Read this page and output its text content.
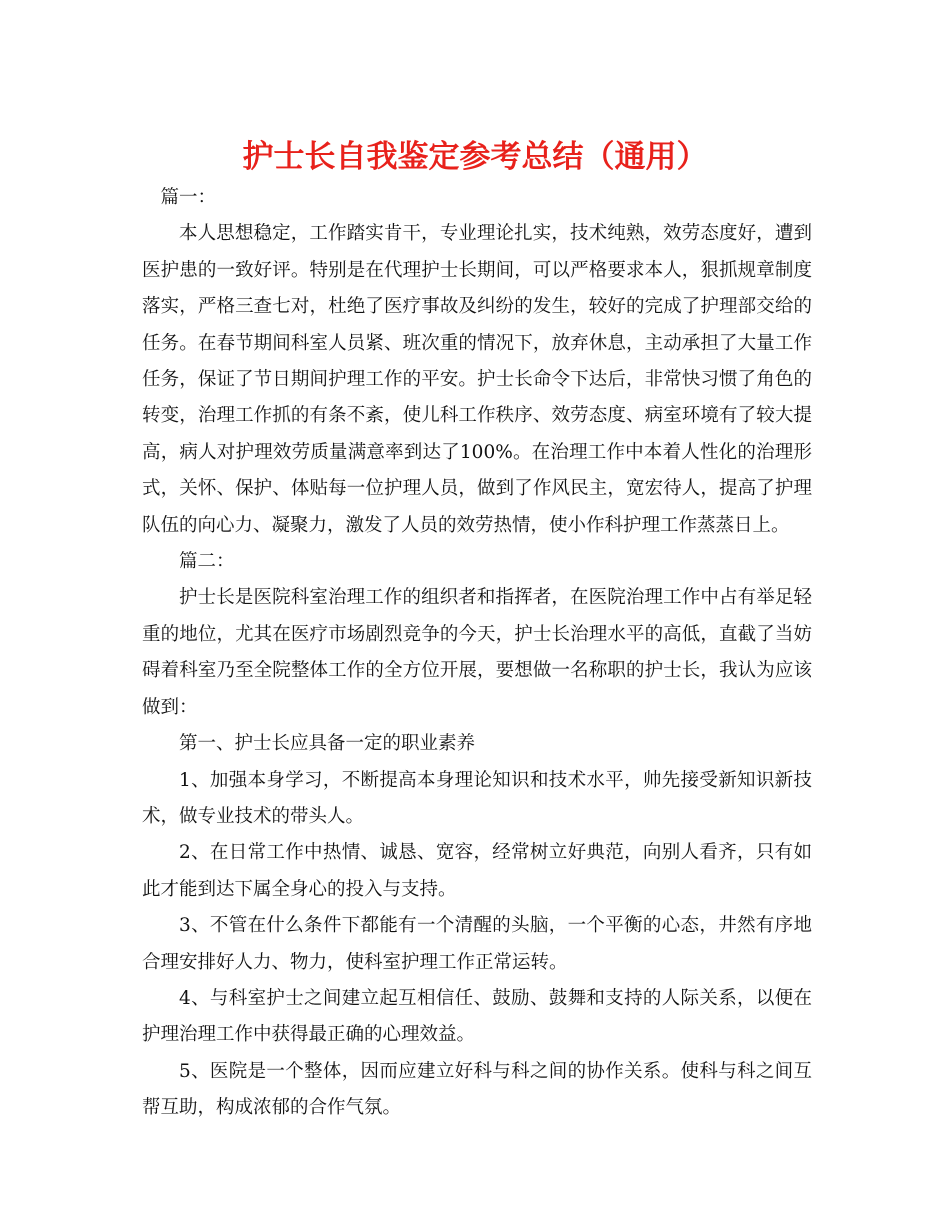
护士长自我鉴定参考总结（通用）

篇一：

本人思想稳定，工作踏实肯干，专业理论扎实，技术纯熟，效劳态度好，遭到医护患的一致好评。特别是在代理护士长期间，可以严格要求本人，狠抓规章制度落实，严格三查七对，杜绝了医疗事故及纠纷的发生，较好的完成了护理部交给的任务。在春节期间科室人员紧、班次重的情况下，放弃休息，主动承担了大量工作任务，保证了节日期间护理工作的平安。护士长命令下达后，非常快习惯了角色的转变，治理工作抓的有条不紊，使儿科工作秩序、效劳态度、病室环境有了较大提高，病人对护理效劳质量满意率到达了100%。在治理工作中本着人性化的治理形式，关怀、保护、体贴每一位护理人员，做到了作风民主，宽宏待人，提高了护理队伍的向心力、凝聚力，激发了人员的效劳热情，使小作科护理工作蒸蒸日上。

篇二：

护士长是医院科室治理工作的组织者和指挥者，在医院治理工作中占有举足轻重的地位，尤其在医疗市场剧烈竞争的今天，护士长治理水平的高低，直截了当妨碍着科室乃至全院整体工作的全方位开展，要想做一名称职的护士长，我认为应该做到：

第一、护士长应具备一定的职业素养

1、加强本身学习，不断提高本身理论知识和技术水平，帅先接受新知识新技术，做专业技术的带头人。

2、在日常工作中热情、诚恳、宽容，经常树立好典范，向别人看齐，只有如此才能到达下属全身心的投入与支持。

3、不管在什么条件下都能有一个清醒的头脑，一个平衡的心态，井然有序地合理安排好人力、物力，使科室护理工作正常运转。

4、与科室护士之间建立起互相信任、鼓励、鼓舞和支持的人际关系，以便在护理治理工作中获得最正确的心理效益。

5、医院是一个整体，因而应建立好科与科之间的协作关系。使科与科之间互帮互助，构成浓郁的合作气氛。
